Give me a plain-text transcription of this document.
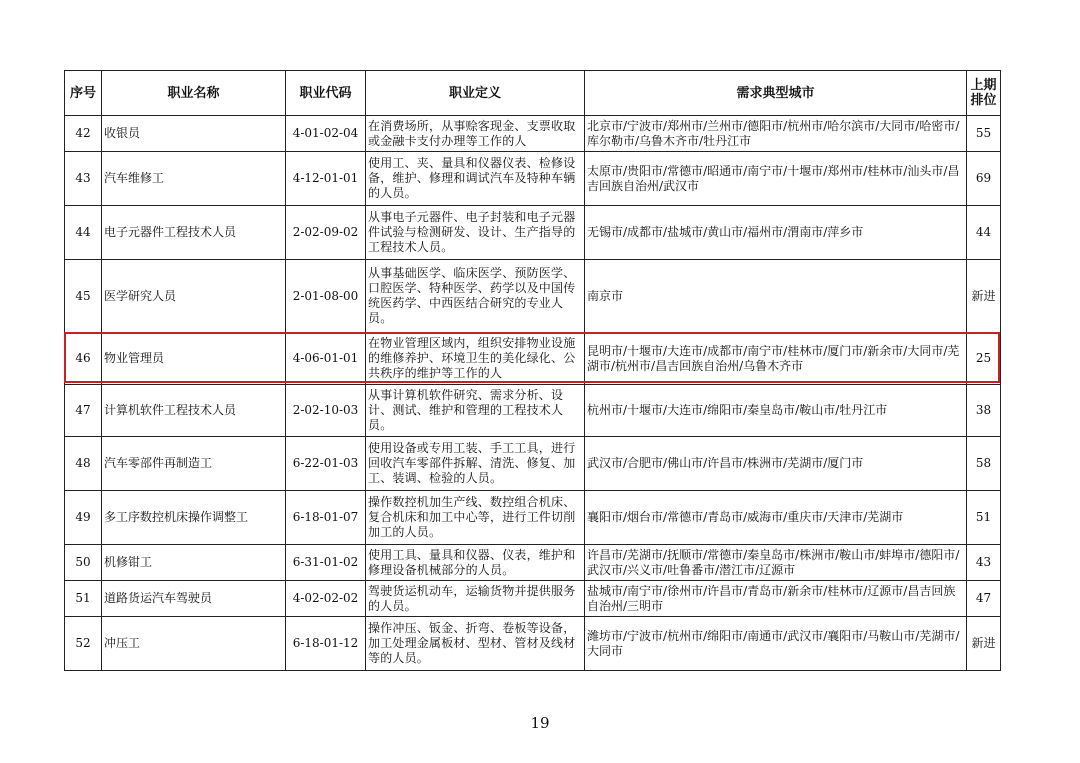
序号	职业名称	职业代码	职业定义	需求典型城市	上期排位
42	收银员	4-01-02-04	在消费场所，从事赊客现金、支票收取或金融卡支付办理等工作的人	北京市/宁波市/郑州市/兰州市/德阳市/杭州市/哈尔滨市/大同市/哈密市/库尔勒市/乌鲁木齐市/牡丹江市	55
43	汽车维修工	4-12-01-01	使用工、夹、量具和仪器仪表、检修设备，维护、修理和调试汽车及特种车辆的人员。	太原市/贵阳市/常德市/昭通市/南宁市/十堰市/郑州市/桂林市/汕头市/昌吉回族自治州/武汉市	69
44	电子元器件工程技术人员	2-02-09-02	从事电子元器件、电子封装和电子元器件试验与检测研发、设计、生产指导的工程技术人员。	无锡市/成都市/盐城市/黄山市/福州市/渭南市/萍乡市	44
45	医学研究人员	2-01-08-00	从事基础医学、临床医学、预防医学、口腔医学、特种医学、药学以及中国传统医药学、中西医结合研究的专业人员。	南京市	新进
46	物业管理员	4-06-01-01	在物业管理区域内，组织安排物业设施的维修养护、环境卫生的美化绿化、公共秩序的维护等工作的人	昆明市/十堰市/大连市/成都市/南宁市/桂林市/厦门市/新余市/大同市/芜湖市/杭州市/昌吉回族自治州/乌鲁木齐市	25
47	计算机软件工程技术人员	2-02-10-03	从事计算机软件研究、需求分析、设计、测试、维护和管理的工程技术人员。	杭州市/十堰市/大连市/绵阳市/秦皇岛市/鞍山市/牡丹江市	38
48	汽车零部件再制造工	6-22-01-03	使用设备或专用工装、手工工具，进行回收汽车零部件拆解、清洗、修复、加工、装调、检验的人员。	武汉市/合肥市/佛山市/许昌市/株洲市/芜湖市/厦门市	58
49	多工序数控机床操作调整工	6-18-01-07	操作数控机加生产线、数控组合机床、复合机床和加工中心等，进行工件切削加工的人员。	襄阳市/烟台市/常德市/青岛市/威海市/重庆市/天津市/芜湖市	51
50	机修钳工	6-31-01-02	使用工具、量具和仪器、仪表，维护和修理设备机械部分的人员。	许昌市/芜湖市/抚顺市/常德市/秦皇岛市/株洲市/鞍山市/蚌埠市/德阳市/武汉市/兴义市/吐鲁番市/潜江市/辽源市	43
51	道路货运汽车驾驶员	4-02-02-02	驾驶货运机动车，运输货物并提供服务的人员。	盐城市/南宁市/徐州市/许昌市/青岛市/新余市/桂林市/辽源市/昌吉回族自治州/三明市	47
52	冲压工	6-18-01-12	操作冲压、钣金、折弯、卷板等设备，加工处理金属板材、型材、管材及线材等的人员。	潍坊市/宁波市/杭州市/绵阳市/南通市/武汉市/襄阳市/马鞍山市/芜湖市/大同市	新进
19
